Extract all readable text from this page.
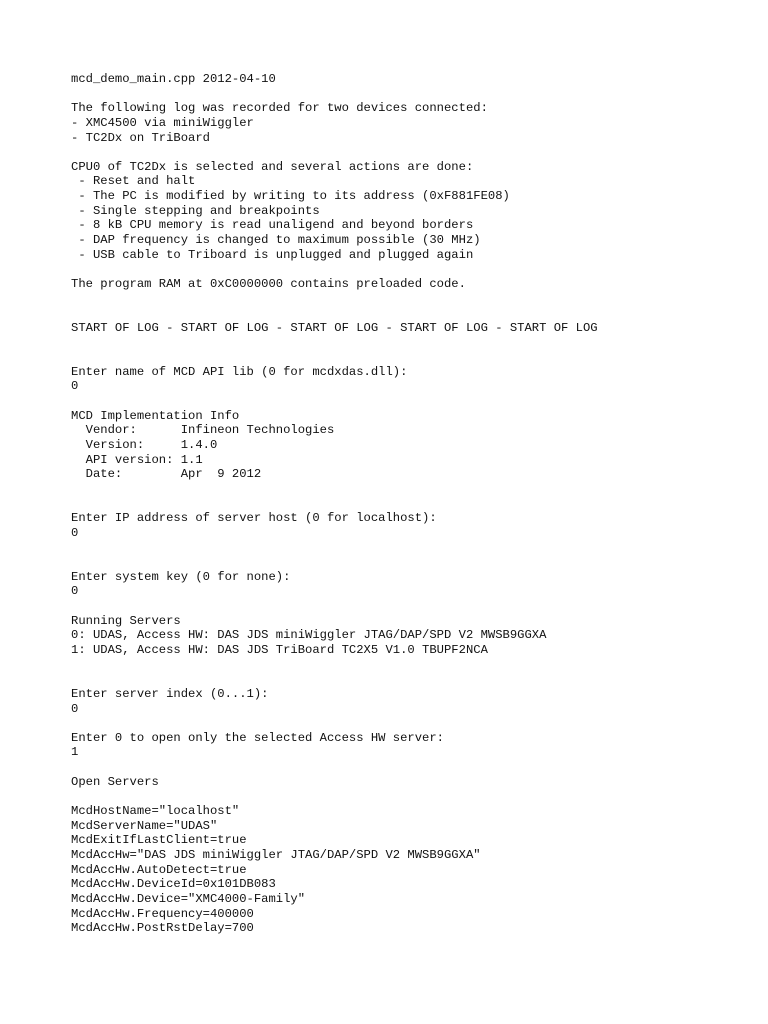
mcd_demo_main.cpp 2012-04-10
The following log was recorded for two devices connected:
- XMC4500 via miniWiggler
- TC2Dx on TriBoard
CPU0 of TC2Dx is selected and several actions are done:
- Reset and halt
- The PC is modified by writing to its address (0xF881FE08)
- Single stepping and breakpoints
- 8 kB CPU memory is read unaligend and beyond borders
- DAP frequency is changed to maximum possible (30 MHz)
- USB cable to Triboard is unplugged and plugged again
The program RAM at 0xC0000000 contains preloaded code.
START OF LOG - START OF LOG - START OF LOG - START OF LOG - START OF LOG
Enter name of MCD API lib (0 for mcdxdas.dll):
0
MCD Implementation Info
Vendor:      Infineon Technologies
Version:     1.4.0
API version: 1.1
Date:        Apr  9 2012
Enter IP address of server host (0 for localhost):
0
Enter system key (0 for none):
0
Running Servers
0: UDAS, Access HW: DAS JDS miniWiggler JTAG/DAP/SPD V2 MWSB9GGXA
1: UDAS, Access HW: DAS JDS TriBoard TC2X5 V1.0 TBUPF2NCA
Enter server index (0...1):
0
Enter 0 to open only the selected Access HW server:
1
Open Servers
McdHostName="localhost"
McdServerName="UDAS"
McdExitIfLastClient=true
McdAccHw="DAS JDS miniWiggler JTAG/DAP/SPD V2 MWSB9GGXA"
McdAccHw.AutoDetect=true
McdAccHw.DeviceId=0x101DB083
McdAccHw.Device="XMC4000-Family"
McdAccHw.Frequency=400000
McdAccHw.PostRstDelay=700
